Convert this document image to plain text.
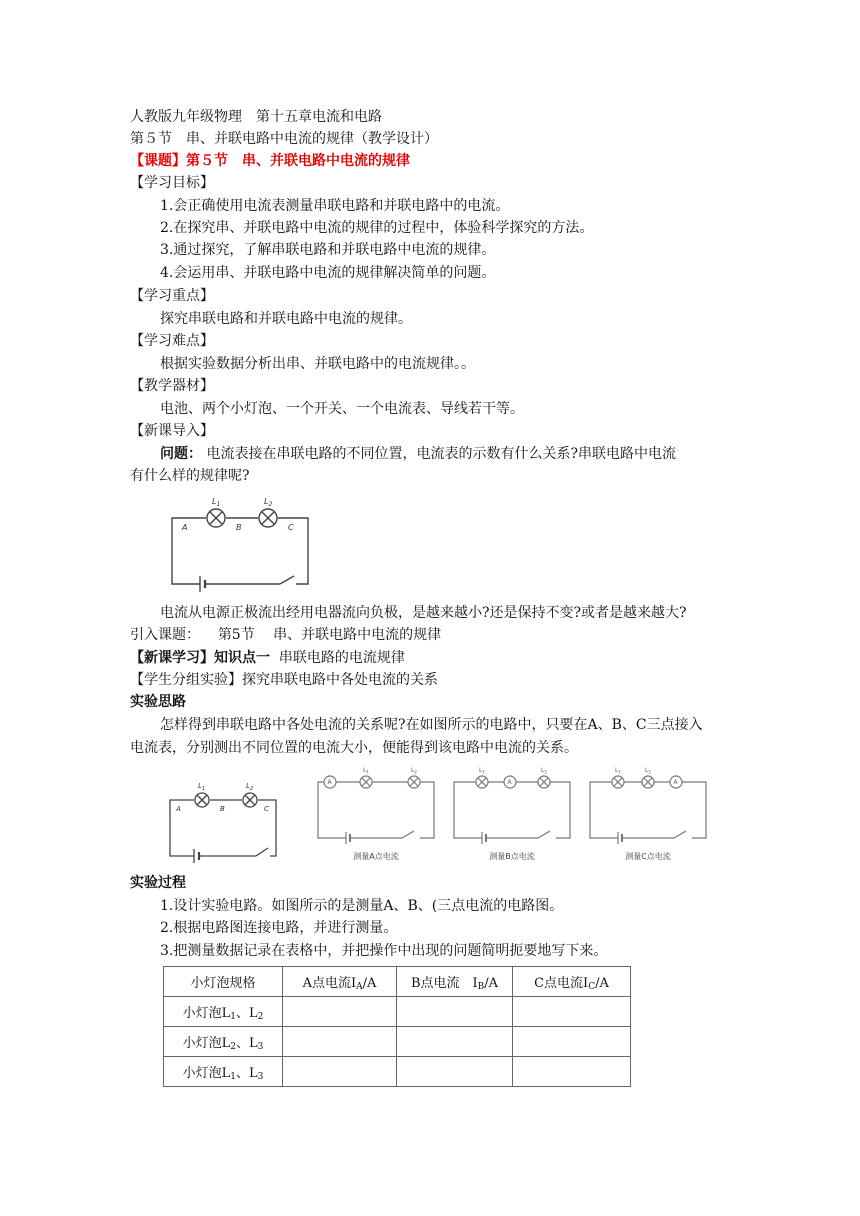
人教版九年级物理　第十五章电流和电路
第５节　串、并联电路中电流的规律（教学设计）
【课题】第５节　串、并联电路中电流的规律
【学习目标】
1.会正确使用电流表测量串联电路和并联电路中的电流。
2.在探究串、并联电路中电流的规律的过程中，体验科学探究的方法。
3.通过探究，了解串联电路和并联电路中电流的规律。
4.会运用串、并联电路中电流的规律解决简单的问题。
【学习重点】
探究串联电路和并联电路中电流的规律。
【学习难点】
根据实验数据分析出串、并联电路中的电流规律。。
【教学器材】
电池、两个小灯泡、一个开关、一个电流表、导线若干等。
【新课导入】
问题： 电流表接在串联电路的不同位置，电流表的示数有什么关系?串联电路中电流
有什么样的规律呢?
A	B	C
$L_1$	$L_2$
电流从电源正极流出经用电器流向负极，是越来越小?还是保持不变?或者是越来越大?
引入课题： 第5节　 串、并联电路中电流的规律
【新课学习】知识点一 串联电路的电流规律
【学生分组实验】探究串联电路中各处电流的关系
实验思路
怎样得到串联电路中各处电流的关系呢?在如图所示的电路中，只要在A、B、C三点接入
电流表，分别测出不同位置的电流大小，便能得到该电路中电流的关系。
A	B	C
$L_1$	$L_2$
A
$L_1$	$L_2$
测量A点电流
A
$L_1$	$L_2$
测量B点电流
A
$L_1$	$L_2$
测量C点电流
实验过程
1.设计实验电路。如图所示的是测量A、B、(三点电流的电路图。
2.根据电路图连接电路，并进行测量。
3.把测量数据记录在表格中，并把操作中出现的问题简明扼要地写下来。
小灯泡规格	A点电流$I_A/A$	B点电流　$I_B/A$	C点电流$I_C/A$
小灯泡$L_1$、$L_2$			
小灯泡$L_2$、$L_3$			
小灯泡$L_1$、$L_3$			
